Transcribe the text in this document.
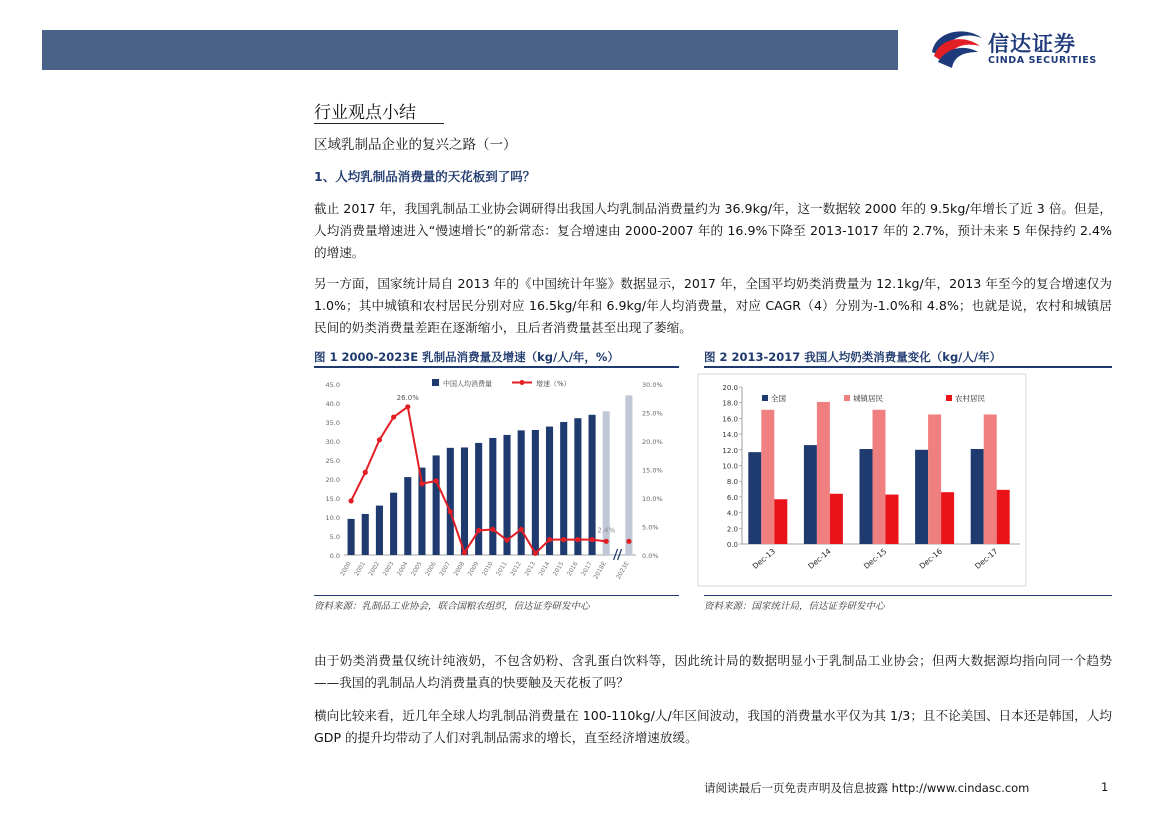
信达证券
CINDA SECURITIES
行业观点小结
区域乳制品企业的复兴之路（一）
1、人均乳制品消费量的天花板到了吗？
截止 2017 年，我国乳制品工业协会调研得出我国人均乳制品消费量约为 36.9kg/年，这一数据较 2000 年的 9.5kg/年增长了近 3 倍。但是，人均消费量增速进入“慢速增长”的新常态：复合增速由 2000-2007 年的 16.9%下降至 2013-1017 年的 2.7%，预计未来 5 年保持约 2.4%的增速。
另一方面，国家统计局自 2013 年的《中国统计年鉴》数据显示，2017 年，全国平均奶类消费量为 12.1kg/年，2013 年至今的复合增速仅为 1.0%；其中城镇和农村居民分别对应 16.5kg/年和 6.9kg/年人均消费量，对应 CAGR（4）分别为-1.0%和 4.8%；也就是说，农村和城镇居民间的奶类消费量差距在逐渐缩小，且后者消费量甚至出现了萎缩。
图 1 2000-2023E 乳制品消费量及增速（kg/人/年，%）	图 2 2013-2017 我国人均奶类消费量变化（kg/人/年）
0.0
5.0
10.0
15.0
20.0
25.0
30.0
35.0
40.0
45.0
0.0%
5.0%
10.0%
15.0%
20.0%
25.0%
30.0%
2000 2001 2002 2003 2004 2005 2006 2007 2008 2009 2010 2011 2012 2013 2014 2015 2016 2017
2018E 2023E
26.0%
2.4%
中国人均消费量	增速（%）
0.0
2.0
4.0
6.0
8.0
10.0
12.0
14.0
16.0
18.0
20.0
Dec-13	Dec-14	Dec-15	Dec-16	Dec-17
全国	城镇居民	农村居民
资料来源：乳制品工业协会，联合国粮农组织，信达证券研发中心	资料来源：国家统计局，信达证券研发中心
由于奶类消费量仅统计纯液奶，不包含奶粉、含乳蛋白饮料等，因此统计局的数据明显小于乳制品工业协会；但两大数据源均指向同一个趋势——我国的乳制品人均消费量真的快要触及天花板了吗？
横向比较来看，近几年全球人均乳制品消费量在 100-110kg/人/年区间波动，我国的消费量水平仅为其 1/3；且不论美国、日本还是韩国，人均 GDP 的提升均带动了人们对乳制品需求的增长，直至经济增速放缓。
请阅读最后一页免责声明及信息披露 http://www.cindasc.com	1
